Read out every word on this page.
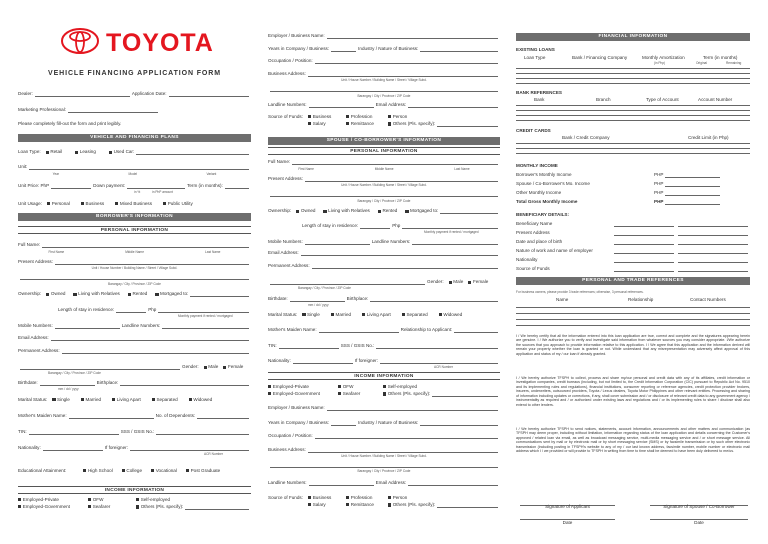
TOYOTA
VEHICLE FINANCING APPLICATION FORM
Dealer:	Application Date:
Marketing Professional:
Please completely fill-out the form and print legibly.
VEHICLE AND FINANCING PLANS
Loan Type: Retail	Leasing	Used Car:
Unit:
Year	Model	Variant
Unit Price: PhP	Down payment:	Term (in months):
in %	in PhP amount
Unit Usage: Personal	Business	Mixed Business	Public Utility
BORROWER'S INFORMATION
PERSONAL INFORMATION
Full Name:
First Name	Middle Name	Last Name
Present Address:
Unit / House Number / Building Name / Street / Village Subd.
Barangay / City / Province / ZIP Code
Ownership: Owned	Living with Relatives	Rented	Mortgaged to:
Length of stay in residence:	Php
Monthly payment if rented / mortgaged
Mobile Numbers:	Landline Numbers:
Email Address:
Permanent Address:
Gender: Male Female
Barangay / City / Province / ZIP Code
Birthdate:	Birthplace:
mm / dd / yyyy
Marital Status: Single	Married	Living Apart	Separated	Widowed
Mother's Maiden Name:	No. of Dependents:
TIN:	SSS / GSIS No.:
Nationality:	If foreigner:
ACR Number
Educational Attainment:	High School	College	Vocational	Post Graduate
INCOME INFORMATION
Employed-Private
Employed-Government
OFW
Seafarer
Self-employed
Others (Pls. specify):
Employer / Business Name:
Years in Company / Business:	Industry / Nature of Business:
Occupation / Position:
Business Address:
Unit / House Number / Building Name / Street / Village Subd.
Barangay / City / Province / ZIP Code
Landline Numbers:	Email Address:
Source of Funds: Business
Salary
Profession
Remittance
Person
Others (Pls. specify):
SPOUSE / CO-BORROWER'S INFORMATION
PERSONAL INFORMATION
Full Name:
First Name	Middle Name	Last Name
Present Address:
Unit / House Number / Building Name / Street / Village Subd.
Barangay / City / Province / ZIP Code
Ownership: Owned	Living with Relatives	Rented	Mortgaged to:
Length of stay in residence:	Php
Monthly payment if rented / mortgaged
Mobile Numbers:	Landline Numbers:
Email Address:
Permanent Address:
Gender: Male Female
Barangay / City / Province / ZIP Code
Birthdate:	Birthplace:
mm / dd / yyyy
Marital Status: Single	Married	Living Apart	Separated	Widowed
Mother's Maiden Name:	Relationship to Applicant:
TIN:	SSS / GSIS No.:
Nationality:	If foreigner:
ACR Number
INCOME INFORMATION
Employed-Private
Employed-Government
OFW
Seafarer
Self-employed
Others (Pls. specify):
Employer / Business Name:
Years in Company / Business:	Industry / Nature of Business:
Occupation / Position:
Business Address:
Unit / House Number / Building Name / Street / Village Subd.
Barangay / City / Province / ZIP Code
Landline Numbers:	Email Address:
Source of Funds: Business
Salary
Profession
Remittance
Person
Others (Pls. specify):
FINANCIAL INFORMATION
EXISTING LOANS
Loan Type	Bank / Financing Company	Monthly Amortization	Term (in months)
(in Php)	Original	Remaining
BANK REFERENCES
Bank	Branch	Type of Account	Account Number
CREDIT CARDS
Bank / Credit Company	Credit Limit (in Php)
MONTHLY INCOME
Borrower's Monthly Income	PHP
Spouse / Co-Borrower's Mo. Income	PHP
Other Monthly Income	PHP
Total Gross Monthly Income	PHP
BENEFICIARY DETAILS:
Beneficiary Name
Present Address
Date and place of birth
Nature of work and name of employer
Nationality
Source of Funds
PERSONAL AND TRADE REFERENCES
For business owners, please provide 3 trade references; otherwise, 3 personal references.
Name	Relationship	Contact Numbers
I / We hereby certify that all the information entered into this loan application are true, correct and complete and the signatures appearing herein are genuine. I / We authorize you to verify and investigate said information from whatever sources you may consider appropriate. I/We authorize the sources that you approach to provide information relative to this application. I / We agree that this application and the information derived will remain your property whether the loan is granted or not. While understand that any misrepresentation may adversely affect approval of this application and status of my / our loan if already granted.
I / We hereby authorize TFSPH to collect, process and share my/our personal and credit data with any of its affiliates, credit information or investigation companies, credit bureaus (including, but not limited to, the Credit Information Corporation (CIC) pursuant to Republic Act No. 9510 and its implementing rules and regulations), financial institutions, consumer reporting or reference agencies, credit protection provider brokers, insurers, underwriters, outsourced providers, Toyota / Lexus dealers, Toyota Motor Philippines and other relevant entities. Processing and sharing of information including updates or corrections, if any, shall cover submission and / or disclosure of relevant credit data to any government agency / instrumentality as required and / or authorized under existing laws and regulations and / or its implementing rules to share / disclose shall also extend to other lenders.
I / We hereby authorize TFSPH to send notices, statements, account information, announcements and other matters and communication (as TFSPH may deem proper, including without limitation, information regarding status of the loan application and details concerning the Customer's approved / related loan via email, as well as broadcast messaging service, multi-media messaging service and / or short message service. All communications sent by mail or by electronic mail or by short messaging service (SMS) or by facsimile transmission or by such other electronic transmission (including posting in TFSPH's website to any of my / our last known address, facsimile number, mobile number or electronic mail address which I / we provided or will provide to TFSPH in writing from time to time shall be deemed to have been duly delivered to me/us.
Signature of Applicant	Signature of Spouse / Co-Borrower
Date	Date
